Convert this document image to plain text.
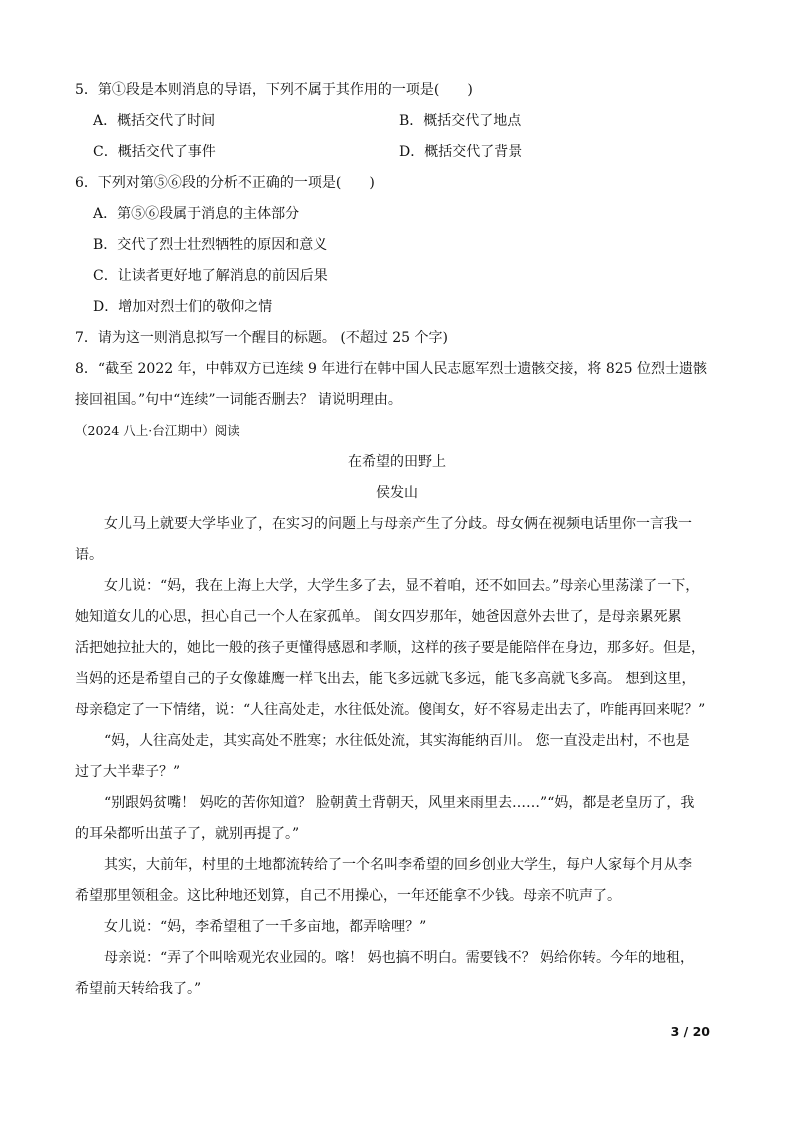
5．第①段是本则消息的导语，下列不属于其作用的一项是(　　)
A．概括交代了时间	B．概括交代了地点
C．概括交代了事件	D．概括交代了背景
6．下列对第⑤⑥段的分析不正确的一项是(　　)
A．第⑤⑥段属于消息的主体部分
B．交代了烈士壮烈牺牲的原因和意义
C．让读者更好地了解消息的前因后果
D．增加对烈士们的敬仰之情
7．请为这一则消息拟写一个醒目的标题。 (不超过 25 个字)
8．“截至 2022 年，中韩双方已连续 9 年进行在韩中国人民志愿军烈士遗骸交接，将 825 位烈士遗骸
接回祖国。”句中“连续”一词能否删去？ 请说明理由。
（2024 八上·台江期中）阅读
在希望的田野上
侯发山
女儿马上就要大学毕业了，在实习的问题上与母亲产生了分歧。母女俩在视频电话里你一言我一
语。
女儿说：“妈，我在上海上大学，大学生多了去，显不着咱，还不如回去。”母亲心里荡漾了一下，
她知道女儿的心思，担心自己一个人在家孤单。 闺女四岁那年，她爸因意外去世了，是母亲累死累
活把她拉扯大的，她比一般的孩子更懂得感恩和孝顺，这样的孩子要是能陪伴在身边，那多好。但是，
当妈的还是希望自己的子女像雄鹰一样飞出去，能飞多远就飞多远，能飞多高就飞多高。 想到这里，
母亲稳定了一下情绪，说：“人往高处走，水往低处流。傻闺女，好不容易走出去了，咋能再回来呢？”
“妈，人往高处走，其实高处不胜寒；水往低处流，其实海能纳百川。 您一直没走出村，不也是
过了大半辈子？”
“别跟妈贫嘴！ 妈吃的苦你知道？ 脸朝黄土背朝天，风里来雨里去……”“妈，都是老皇历了，我
的耳朵都听出茧子了，就别再提了。”
其实，大前年，村里的土地都流转给了一个名叫李希望的回乡创业大学生，每户人家每个月从李
希望那里领租金。这比种地还划算，自己不用操心，一年还能拿不少钱。母亲不吭声了。
女儿说：“妈，李希望租了一千多亩地，都弄啥哩？”
母亲说：“弄了个叫啥观光农业园的。喀！ 妈也搞不明白。需要钱不？ 妈给你转。今年的地租，
希望前天转给我了。”
3 / 20
